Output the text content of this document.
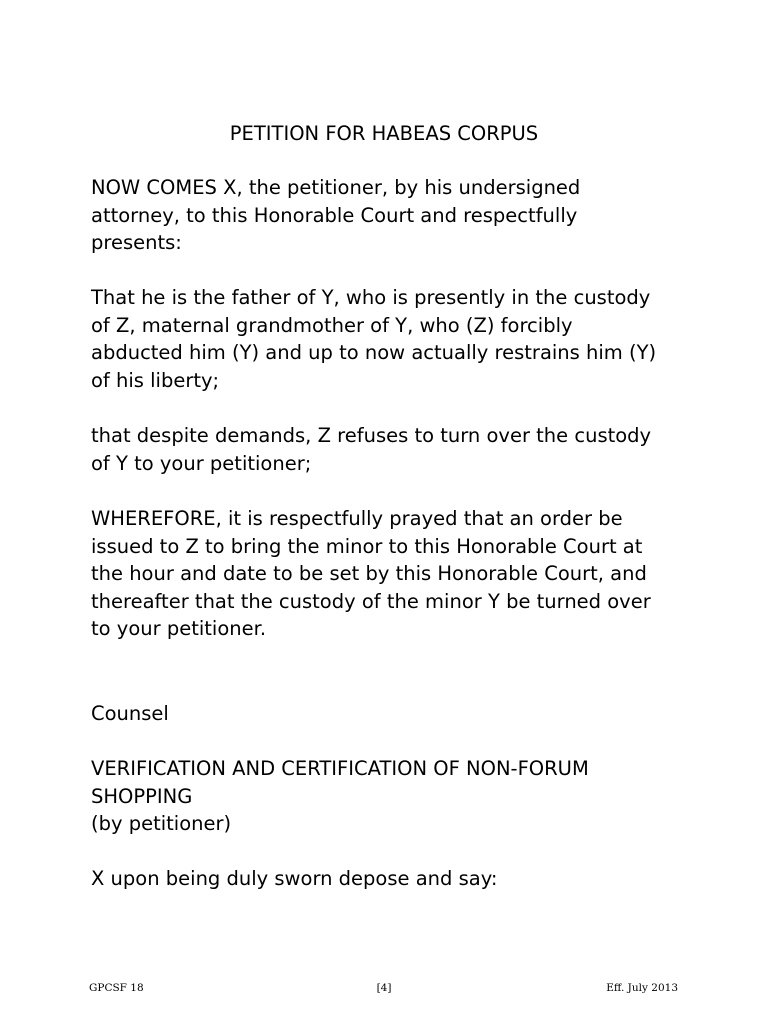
PETITION FOR HABEAS CORPUS

NOW COMES X, the petitioner, by his undersigned
attorney, to this Honorable Court and respectfully
presents:

That he is the father of Y, who is presently in the custody
of Z, maternal grandmother of Y, who (Z) forcibly
abducted him (Y) and up to now actually restrains him (Y)
of his liberty;

that despite demands, Z refuses to turn over the custody
of Y to your petitioner;

WHEREFORE, it is respectfully prayed that an order be
issued to Z to bring the minor to this Honorable Court at
the hour and date to be set by this Honorable Court, and
thereafter that the custody of the minor Y be turned over
to your petitioner.

Counsel

VERIFICATION AND CERTIFICATION OF NON-FORUM
SHOPPING
(by petitioner)

X upon being duly sworn depose and say:

GPCSF 18	[4]	Eff. July 2013
